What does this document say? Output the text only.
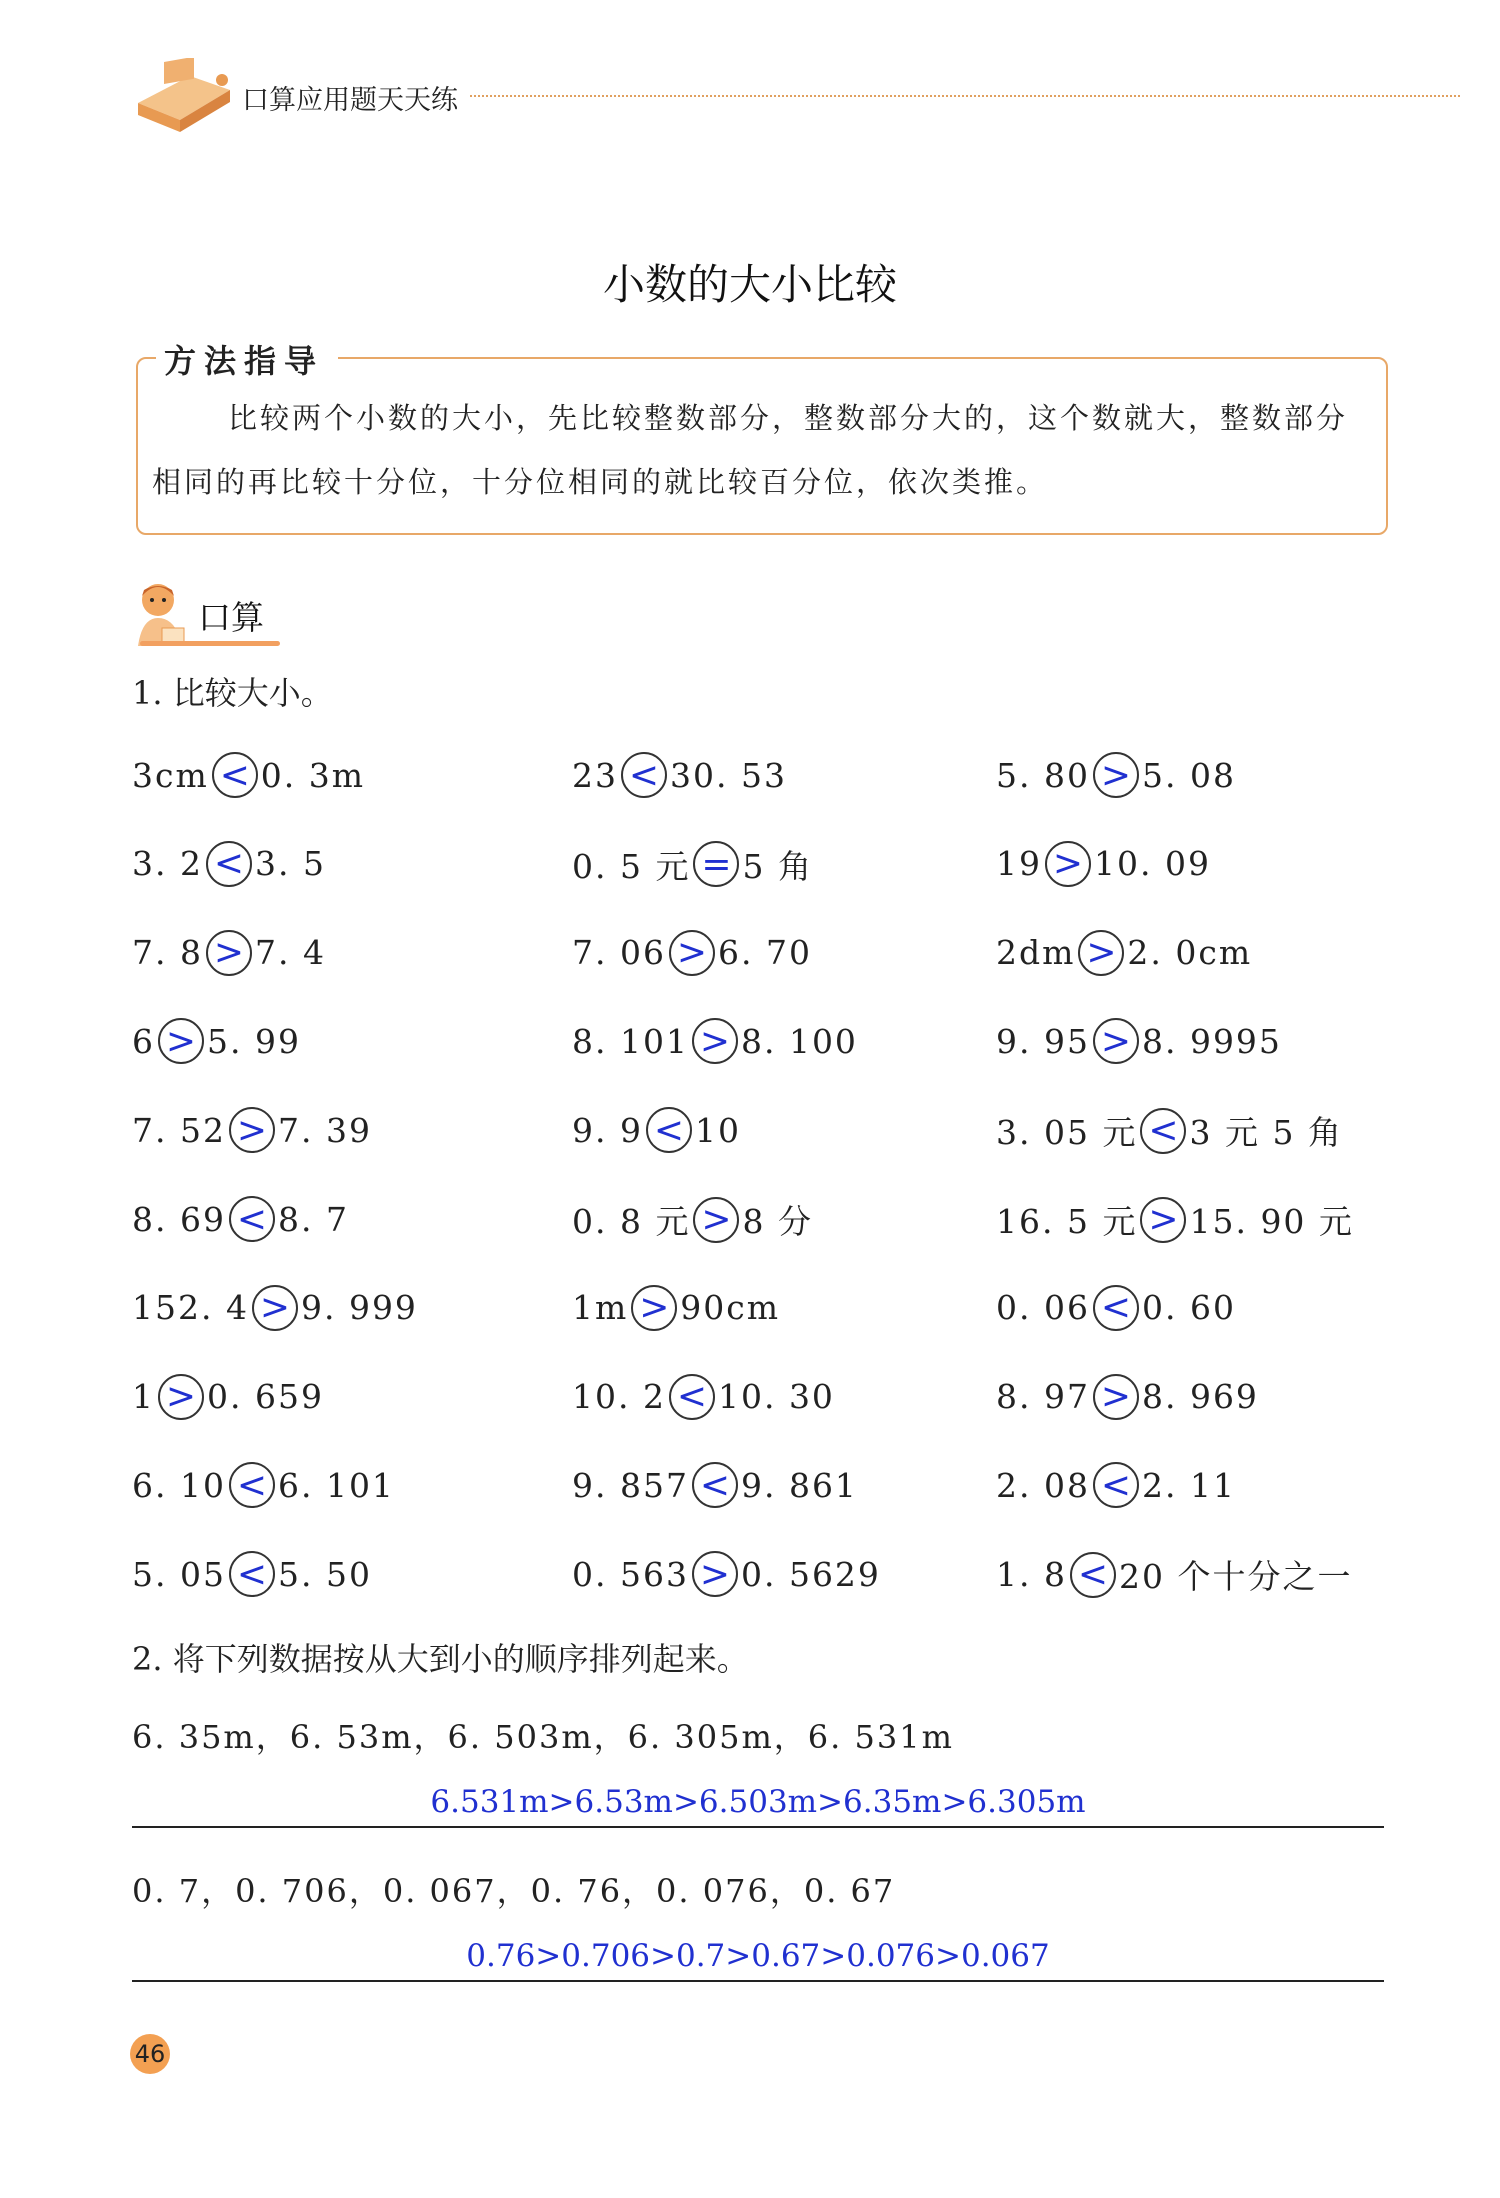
口算应用题天天练
小数的大小比较
方法指导
比较两个小数的大小，先比较整数部分，整数部分大的，这个数就大，整数部分相同的再比较十分位，十分位相同的就比较百分位，依次类推。
口算
1. 比较大小。
3cm < 0. 3m	23 < 30. 53	5. 80 > 5. 08
3. 2 < 3. 5	0. 5 元 = 5 角	19 > 10. 09
7. 8 > 7. 4	7. 06 > 6. 70	2dm > 2. 0cm
6 > 5. 99	8. 101 > 8. 100	9. 95 > 8. 9995
7. 52 > 7. 39	9. 9 < 10	3. 05 元 < 3 元 5 角
8. 69 < 8. 7	0. 8 元 > 8 分	16. 5 元 > 15. 90 元
152. 4 > 9. 999	1m > 90cm	0. 06 < 0. 60
1 > 0. 659	10. 2 < 10. 30	8. 97 > 8. 969
6. 10 < 6. 101	9. 857 < 9. 861	2. 08 < 2. 11
5. 05 < 5. 50	0. 563 > 0. 5629	1. 8 < 20 个十分之一
2. 将下列数据按从大到小的顺序排列起来。
6. 35m，6. 53m，6. 503m，6. 305m，6. 531m
6.531m>6.53m>6.503m>6.35m>6.305m
0. 7，0. 706，0. 067，0. 76，0. 076，0. 67
0.76>0.706>0.7>0.67>0.076>0.067
46
